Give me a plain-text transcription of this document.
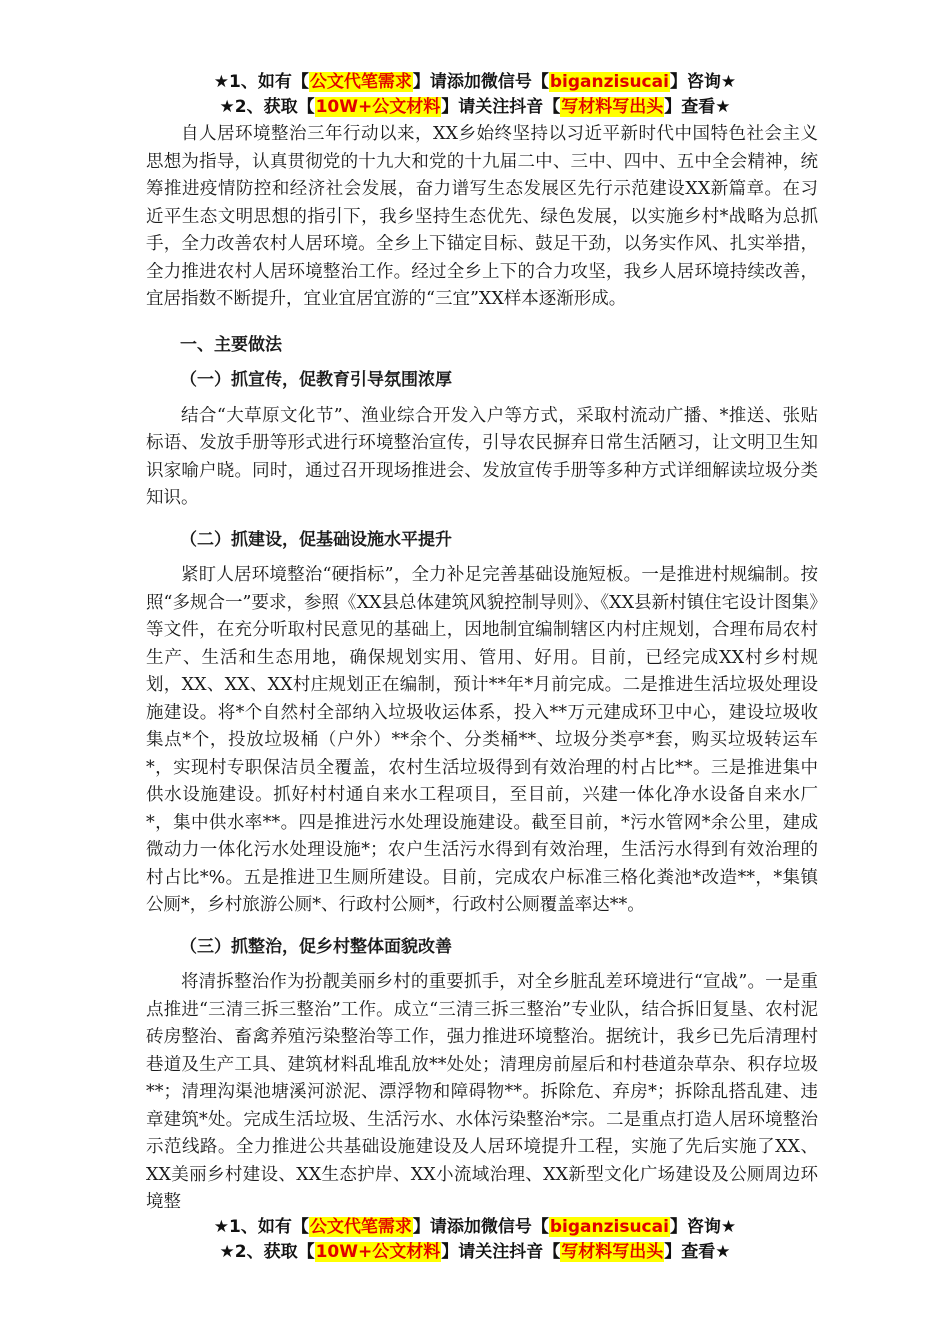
★1、如有【公文代笔需求】请添加微信号【biganzisucai】咨询★
★2、获取【10W+公文材料】请关注抖音【写材料写出头】查看★

自人居环境整治三年行动以来，XX乡始终坚持以习近平新时代中国特色社会主义思想为指导，认真贯彻党的十九大和党的十九届二中、三中、四中、五中全会精神，统筹推进疫情防控和经济社会发展，奋力谱写生态发展区先行示范建设XX新篇章。在习近平生态文明思想的指引下，我乡坚持生态优先、绿色发展，以实施乡村*战略为总抓手，全力改善农村人居环境。全乡上下锚定目标、鼓足干劲，以务实作风、扎实举措，全力推进农村人居环境整治工作。经过全乡上下的合力攻坚，我乡人居环境持续改善，宜居指数不断提升，宜业宜居宜游的“三宜”XX样本逐渐形成。

一、主要做法

（一）抓宣传，促教育引导氛围浓厚

结合“大草原文化节”、渔业综合开发入户等方式，采取村流动广播、*推送、张贴标语、发放手册等形式进行环境整治宣传，引导农民摒弃日常生活陋习，让文明卫生知识家喻户晓。同时，通过召开现场推进会、发放宣传手册等多种方式详细解读垃圾分类知识。

（二）抓建设，促基础设施水平提升

紧盯人居环境整治“硬指标”，全力补足完善基础设施短板。一是推进村规编制。按照“多规合一”要求，参照《XX县总体建筑风貌控制导则》、《XX县新村镇住宅设计图集》等文件，在充分听取村民意见的基础上，因地制宜编制辖区内村庄规划，合理布局农村生产、生活和生态用地，确保规划实用、管用、好用。目前，已经完成XX村乡村规划，XX、XX、XX村庄规划正在编制，预计**年*月前完成。二是推进生活垃圾处理设施建设。将*个自然村全部纳入垃圾收运体系，投入**万元建成环卫中心，建设垃圾收集点*个，投放垃圾桶（户外）**余个、分类桶**、垃圾分类亭*套，购买垃圾转运车*，实现村专职保洁员全覆盖，农村生活垃圾得到有效治理的村占比**。三是推进集中供水设施建设。抓好村村通自来水工程项目，至目前，兴建一体化净水设备自来水厂*，集中供水率**。四是推进污水处理设施建设。截至目前，*污水管网*余公里，建成微动力一体化污水处理设施*；农户生活污水得到有效治理，生活污水得到有效治理的村占比*%。五是推进卫生厕所建设。目前，完成农户标准三格化粪池*改造**，*集镇公厕*，乡村旅游公厕*、行政村公厕*，行政村公厕覆盖率达**。

（三）抓整治，促乡村整体面貌改善

将清拆整治作为扮靓美丽乡村的重要抓手，对全乡脏乱差环境进行“宣战”。一是重点推进“三清三拆三整治”工作。成立“三清三拆三整治”专业队，结合拆旧复垦、农村泥砖房整治、畜禽养殖污染整治等工作，强力推进环境整治。据统计，我乡已先后清理村巷道及生产工具、建筑材料乱堆乱放**处处；清理房前屋后和村巷道杂草杂、积存垃圾**；清理沟渠池塘溪河淤泥、漂浮物和障碍物**。拆除危、弃房*；拆除乱搭乱建、违章建筑*处。完成生活垃圾、生活污水、水体污染整治*宗。二是重点打造人居环境整治示范线路。全力推进公共基础设施建设及人居环境提升工程，实施了先后实施了XX、XX美丽乡村建设、XX生态护岸、XX小流域治理、XX新型文化广场建设及公厕周边环境整

★1、如有【公文代笔需求】请添加微信号【biganzisucai】咨询★
★2、获取【10W+公文材料】请关注抖音【写材料写出头】查看★
